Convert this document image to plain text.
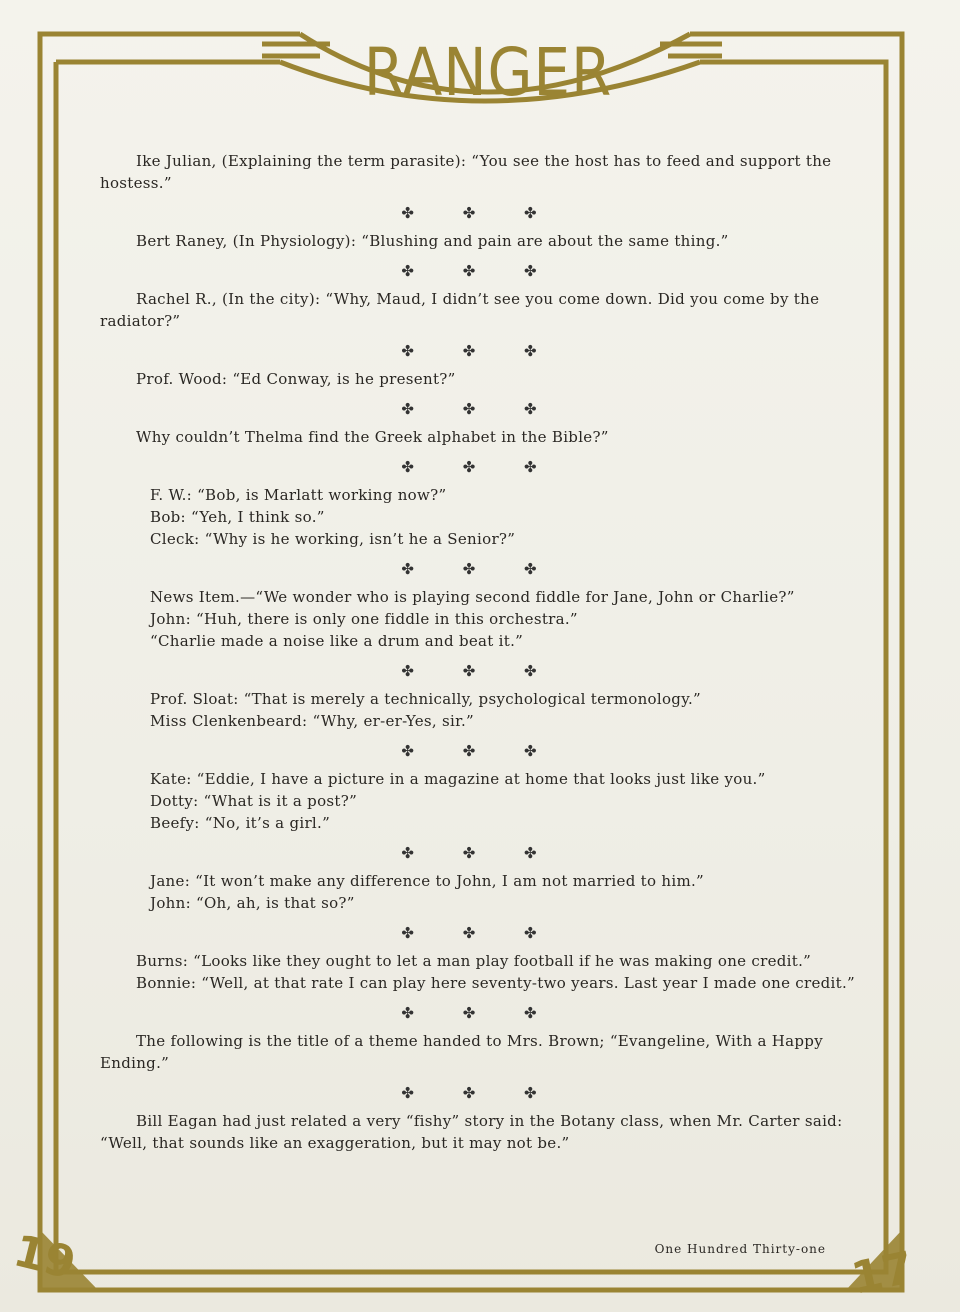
RANGER
19	17

Ike Julian, (Explaining the term parasite): “You see the host has to feed and support the hostess.”

✤ ✤ ✤

Bert Raney, (In Physiology): “Blushing and pain are about the same thing.”

✤ ✤ ✤

Rachel R., (In the city): “Why, Maud, I didn’t see you come down. Did you come by the radiator?”

✤ ✤ ✤

Prof. Wood: “Ed Conway, is he present?”

✤ ✤ ✤

Why couldn’t Thelma find the Greek alphabet in the Bible?”

✤ ✤ ✤

F. W.: “Bob, is Marlatt working now?”

Bob: “Yeh, I think so.”

Cleck: “Why is he working, isn’t he a Senior?”

✤ ✤ ✤

News Item.—“We wonder who is playing second fiddle for Jane, John or Charlie?”

John: “Huh, there is only one fiddle in this orchestra.”

“Charlie made a noise like a drum and beat it.”

✤ ✤ ✤

Prof. Sloat: “That is merely a technically, psychological termonology.”

Miss Clenkenbeard: “Why, er-er-Yes, sir.”

✤ ✤ ✤

Kate: “Eddie, I have a picture in a magazine at home that looks just like you.”

Dotty: “What is it a post?”

Beefy: “No, it’s a girl.”

✤ ✤ ✤

Jane: “It won’t make any difference to John, I am not married to him.”

John: “Oh, ah, is that so?”

✤ ✤ ✤

Burns: “Looks like they ought to let a man play football if he was making one credit.”

Bonnie: “Well, at that rate I can play here seventy-two years. Last year I made one credit.”

✤ ✤ ✤

The following is the title of a theme handed to Mrs. Brown; “Evangeline, With a Happy Ending.”

✤ ✤ ✤

Bill Eagan had just related a very “fishy” story in the Botany class, when Mr. Carter said: “Well, that sounds like an exaggeration, but it may not be.”

One Hundred Thirty-one
